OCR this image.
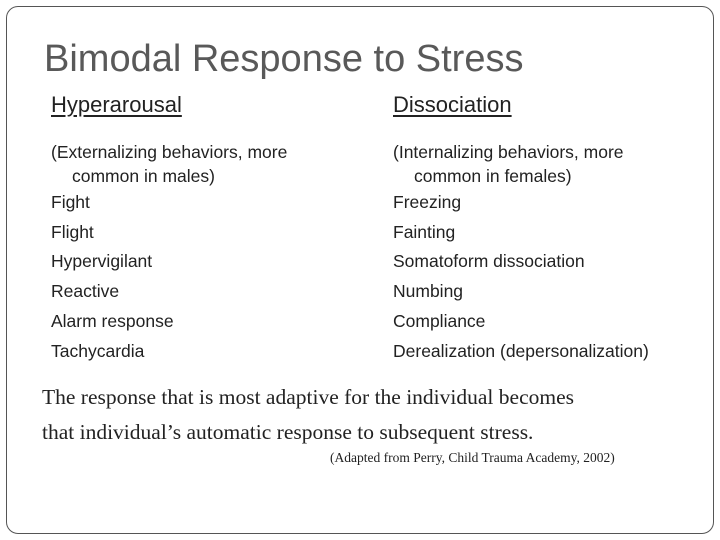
Bimodal Response to Stress
Hyperarousal
(Externalizing behaviors, more
common in males)
Fight
Flight
Hypervigilant
Reactive
Alarm response
Tachycardia
Dissociation
(Internalizing behaviors, more
common in females)
Freezing
Fainting
Somatoform dissociation
Numbing
Compliance
Derealization (depersonalization)
The response that is most adaptive for the individual becomes
that individual’s automatic response to subsequent stress.
(Adapted from Perry, Child Trauma Academy, 2002)
